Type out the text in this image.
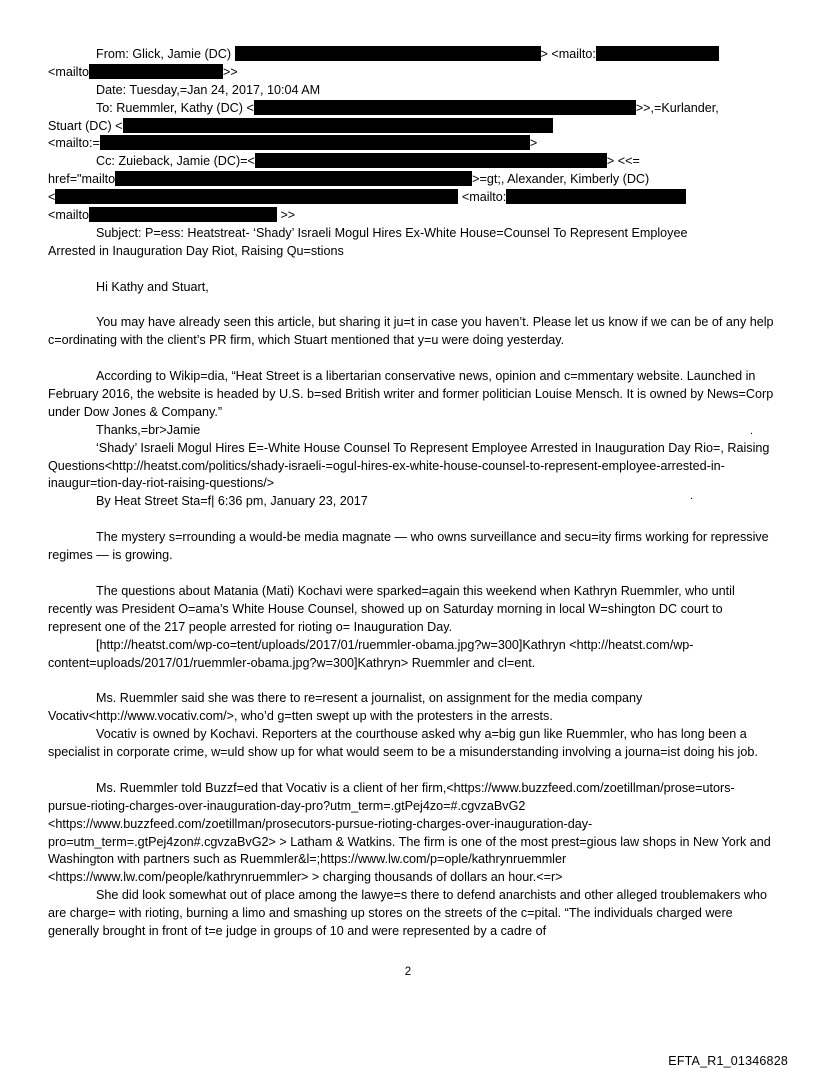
From: Glick, Jamie (DC)	> <mailto:
<mailto	>>
Date: Tuesday,=Jan 24, 2017, 10:04 AM
To: Ruemmler, Kathy (DC) <	>>,=Kurlander,
Stuart (DC) <
<mailto:=	>
Cc: Zuieback, Jamie (DC)=<	> <<=
href="mailto	>=gt;, Alexander, Kimberly (DC)
<	<mailto:
<mailto	>>
Subject: P=ess: Heatstreat- ‘Shady’ Israeli Mogul Hires Ex-White House=Counsel To Represent Employee
Arrested in Inauguration Day Riot, Raising Qu=stions
Hi Kathy and Stuart,
You may have already seen this article, but sharing it ju=t in case you haven’t. Please let us know if we can be of any help c=ordinating with the client’s PR firm, which Stuart mentioned that y=u were doing yesterday.
According to Wikip=dia, “Heat Street is a libertarian conservative news, opinion and c=mmentary website. Launched in February 2016, the website is headed by U.S. b=sed British writer and former politician Louise Mensch. It is owned by News=Corp under Dow Jones & Company.”
Thanks,=br>Jamie
‘Shady’ Israeli Mogul Hires E=-White House Counsel To Represent Employee Arrested in Inauguration Day Rio=, Raising Questions<http://heatst.com/politics/shady-israeli-=ogul-hires-ex-white-house-counsel-to-represent-employee-arrested-in-inaugur=tion-day-riot-raising-questions/>
By Heat Street Sta=f| 6:36 pm, January 23, 2017
The mystery s=rrounding a would-be media magnate — who owns surveillance and secu=ity firms working for repressive regimes — is growing.
The questions about Matania (Mati) Kochavi were sparked=again this weekend when Kathryn Ruemmler, who until recently was President O=ama’s White House Counsel, showed up on Saturday morning in local W=shington DC court to represent one of the 217 people arrested for rioting o= Inauguration Day.
[http://heatst.com/wp-co=tent/uploads/2017/01/ruemmler-obama.jpg?w=300]Kathryn <http://heatst.com/wp-content=uploads/2017/01/ruemmler-obama.jpg?w=300]Kathryn> Ruemmler and cl=ent.
Ms. Ruemmler said she was there to re=resent a journalist, on assignment for the media company Vocativ<http://www.vocativ.com/>, who’d g=tten swept up with the protesters in the arrests.
Vocativ is owned by Kochavi. Reporters at the courthouse asked why a=big gun like Ruemmler, who has long been a specialist in corporate crime, w=uld show up for what would seem to be a misunderstanding involving a journa=ist doing his job.
Ms. Ruemmler told Buzzf=ed that Vocativ is a client of her firm,<https://www.buzzfeed.com/zoetillman/prose=utors-pursue-rioting-charges-over-inauguration-day-pro?utm_term=.gtPej4zo=#.cgvzaBvG2 <https://www.buzzfeed.com/zoetillman/prosecutors-pursue-rioting-charges-over-inauguration-day-pro=utm_term=.gtPej4zon#.cgvzaBvG2> > Latham & Watkins. The firm is one of the most prest=gious law shops in New York and Washington with partners such as Ruemmler&l=;https://www.lw.com/p=ople/kathrynruemmler <https://www.lw.com/people/kathrynruemmler> > charging thousands of dollars an hour.<=r>
She did look somewhat out of place among the lawye=s there to defend anarchists and other alleged troublemakers who are charge= with rioting, burning a limo and smashing up stores on the streets of the c=pital. “The individuals charged were generally brought in front of t=e judge in groups of 10 and were represented by a cadre of
.
.
2
EFTA_R1_01346828
